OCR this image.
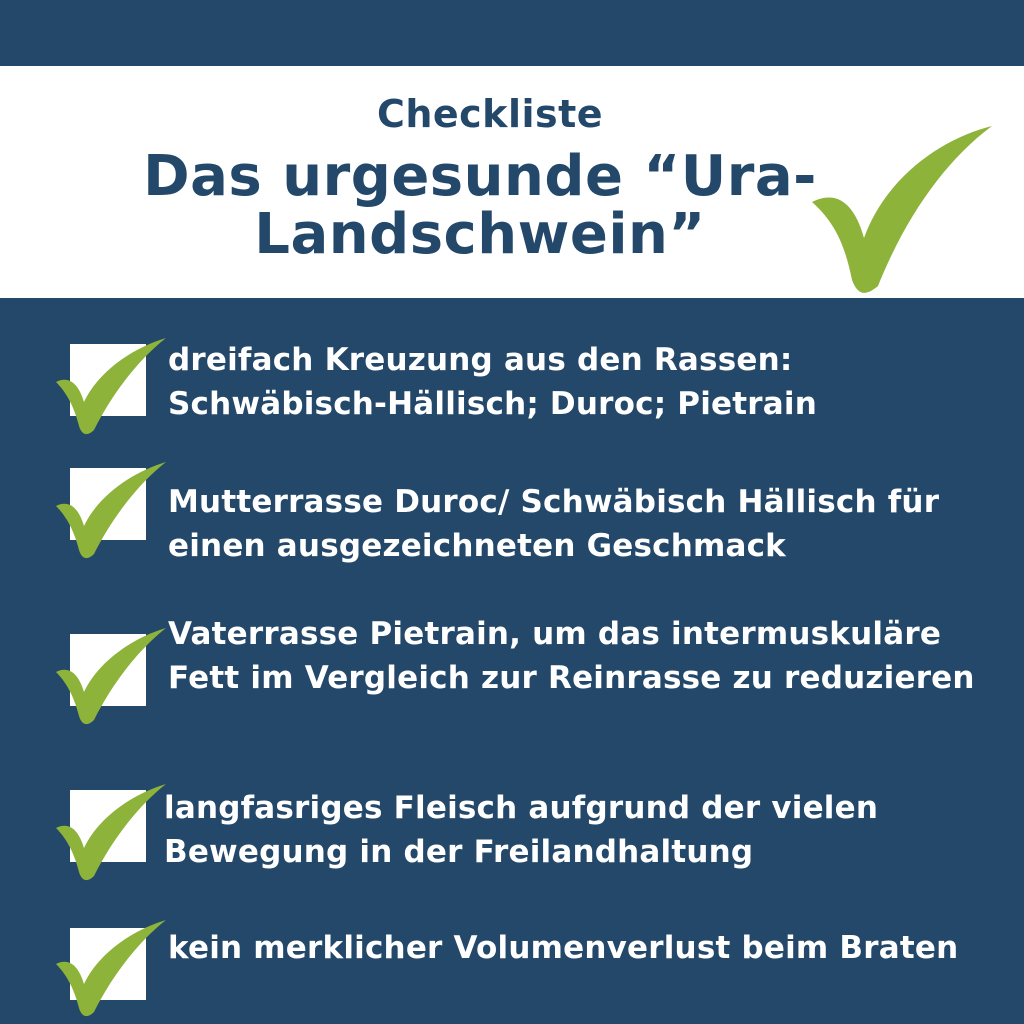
Checkliste
Das urgesunde “Ura-Landschwein”
dreifach Kreuzung aus den Rassen: Schwäbisch-Hällisch; Duroc; Pietrain
Mutterrasse Duroc/ Schwäbisch Hällisch für einen ausgezeichneten Geschmack
Vaterrasse Pietrain, um das intermuskuläre Fett im Vergleich zur Reinrasse zu reduzieren
langfasriges Fleisch aufgrund der vielen Bewegung in der Freilandhaltung
kein merklicher Volumenverlust beim Braten
